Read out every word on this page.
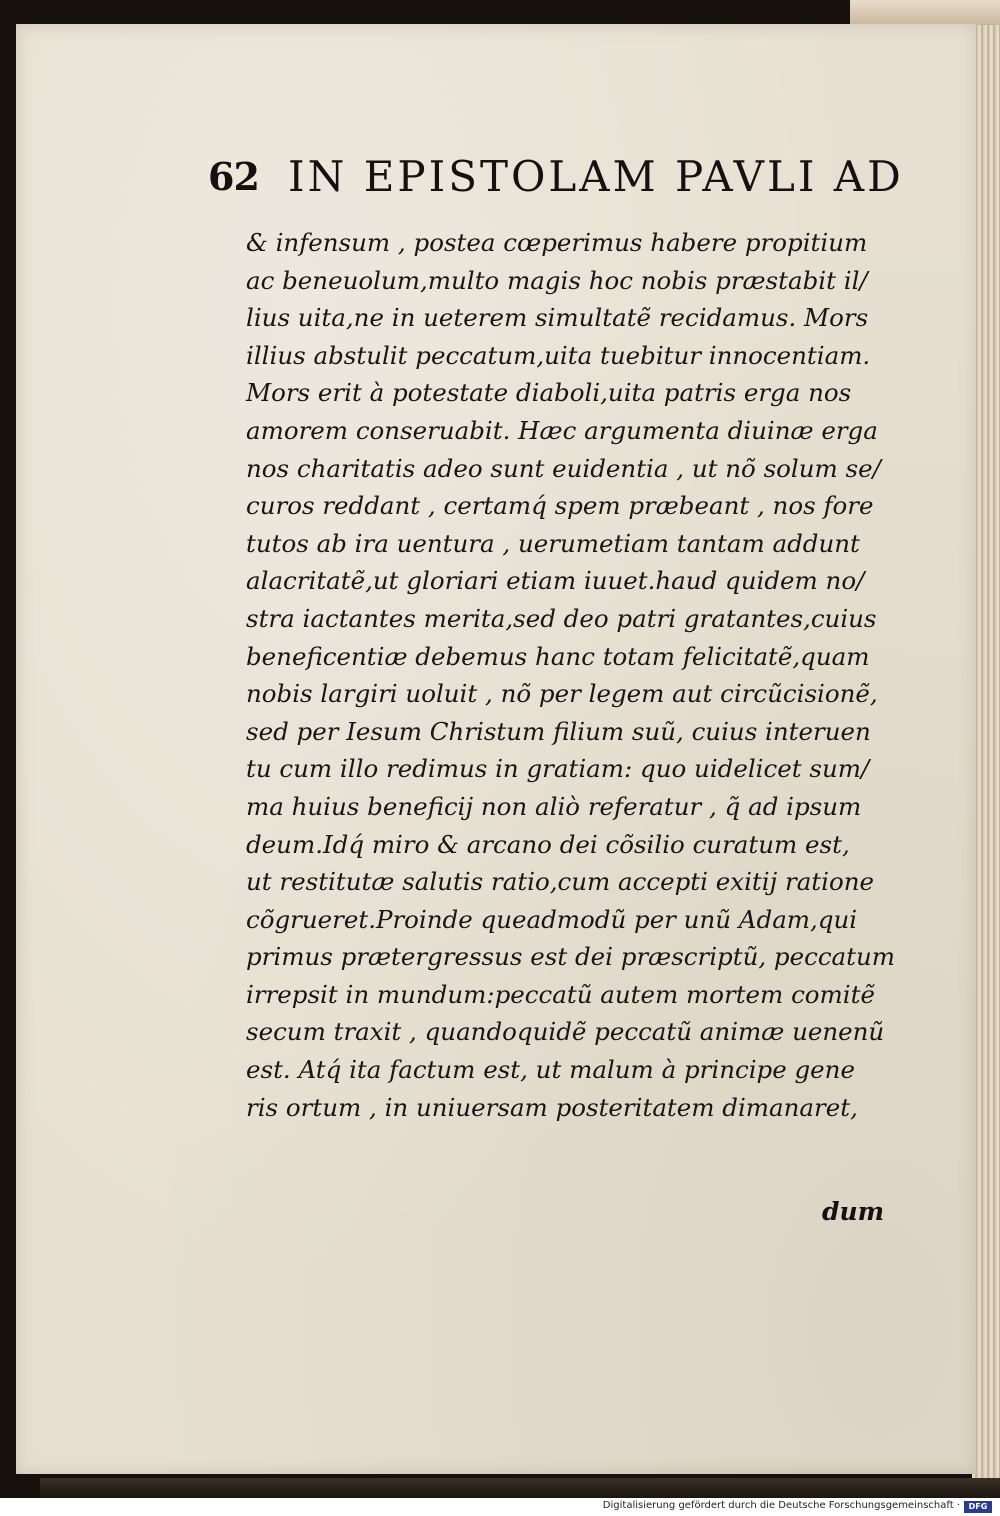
62 IN EPISTOLAM PAVLI AD
& infensum , postea cœperimus habere propitium
ac beneuolum,multo magis hoc nobis præstabit il/
lius uita,ne in ueterem simultatẽ recidamus. Mors
illius abstulit peccatum,uita tuebitur innocentiam.
Mors erit à potestate diaboli,uita patris erga nos
amorem conseruabit. Hæc argumenta diuinæ erga
nos charitatis adeo sunt euidentia , ut nõ solum se/
curos reddant , certamq́ spem præbeant , nos fore
tutos ab ira uentura , uerumetiam tantam addunt
alacritatẽ,ut gloriari etiam iuuet.haud quidem no/
stra iactantes merita,sed deo patri gratantes,cuius
beneficentiæ debemus hanc totam felicitatẽ,quam
nobis largiri uoluit , nõ per legem aut circũcisionẽ,
sed per Iesum Christum filium suũ, cuius interuen
tu cum illo redimus in gratiam: quo uidelicet sum/
ma huius beneficij non aliò referatur , q̃ ad ipsum
deum.Idq́ miro & arcano dei cõsilio curatum est,
ut restitutæ salutis ratio,cum accepti exitij ratione
cõgrueret.Proinde queadmodũ per unũ Adam,qui
primus prætergressus est dei præscriptũ, peccatum
irrepsit in mundum:peccatũ autem mortem comitẽ
secum traxit , quandoquidẽ peccatũ animæ uenenũ
est. Atq́ ita factum est, ut malum à principe gene
ris ortum , in uniuersam posteritatem dimanaret,
dum
Digitalisierung gefördert durch die Deutsche Forschungsgemeinschaft ·	DFG
